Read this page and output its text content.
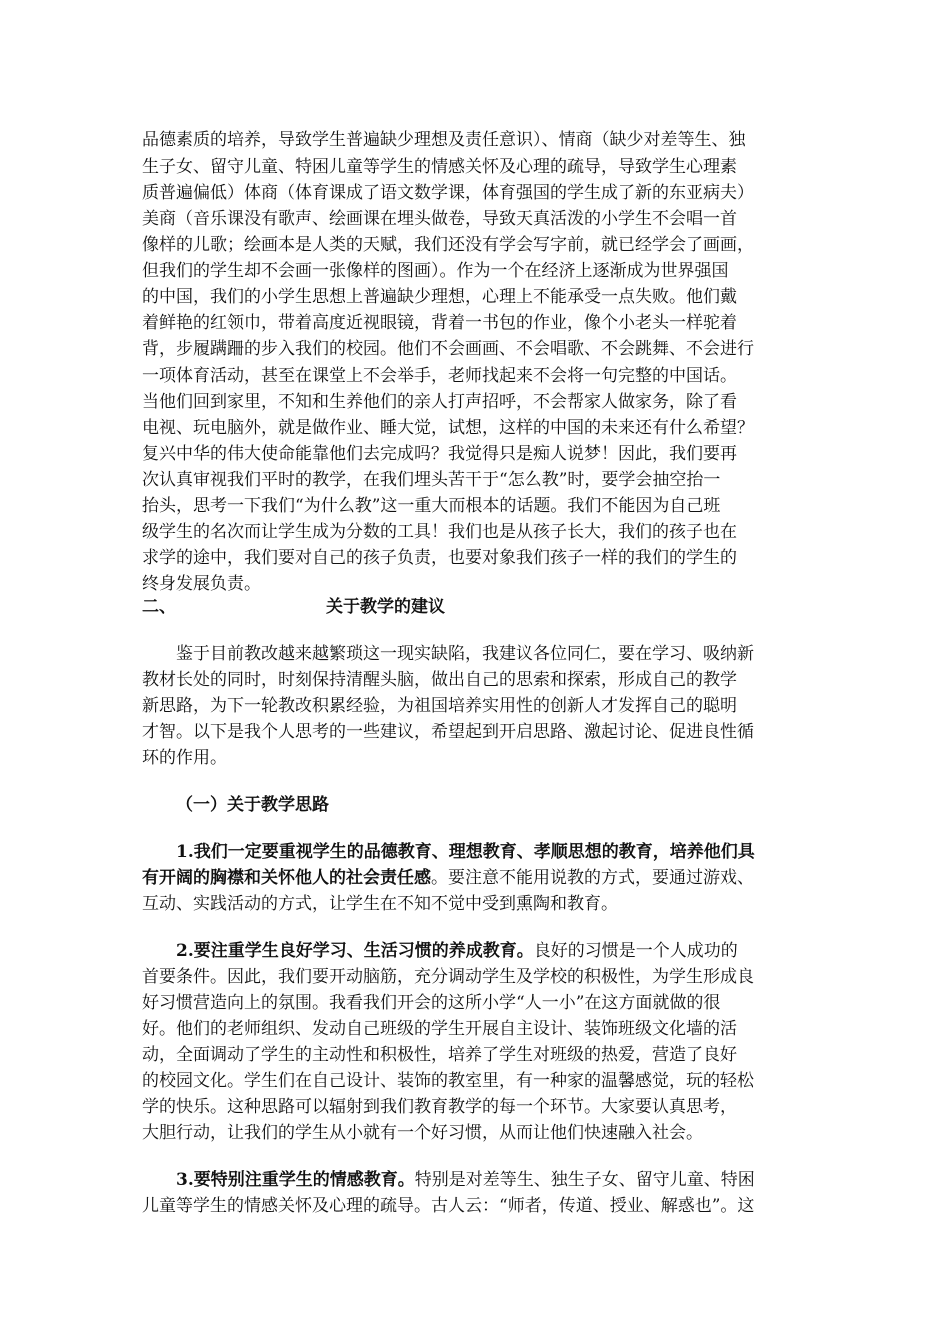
品德素质的培养，导致学生普遍缺少理想及责任意识）、情商（缺少对差等生、独
生子女、留守儿童、特困儿童等学生的情感关怀及心理的疏导，导致学生心理素
质普遍偏低）体商（体育课成了语文数学课，体育强国的学生成了新的东亚病夫）
美商（音乐课没有歌声、绘画课在埋头做卷，导致天真活泼的小学生不会唱一首
像样的儿歌；绘画本是人类的天赋，我们还没有学会写字前，就已经学会了画画，
但我们的学生却不会画一张像样的图画）。作为一个在经济上逐渐成为世界强国
的中国，我们的小学生思想上普遍缺少理想，心理上不能承受一点失败。他们戴
着鲜艳的红领巾，带着高度近视眼镜，背着一书包的作业，像个小老头一样驼着
背，步履蹒跚的步入我们的校园。他们不会画画、不会唱歌、不会跳舞、不会进行
一项体育活动，甚至在课堂上不会举手，老师找起来不会将一句完整的中国话。
当他们回到家里，不知和生养他们的亲人打声招呼，不会帮家人做家务，除了看
电视、玩电脑外，就是做作业、睡大觉，试想，这样的中国的未来还有什么希望？
复兴中华的伟大使命能靠他们去完成吗？我觉得只是痴人说梦！因此，我们要再
次认真审视我们平时的教学，在我们埋头苦干于“怎么教”时，要学会抽空抬一
抬头，思考一下我们“为什么教”这一重大而根本的话题。我们不能因为自己班
级学生的名次而让学生成为分数的工具！我们也是从孩子长大，我们的孩子也在
求学的途中，我们要对自己的孩子负责，也要对象我们孩子一样的我们的学生的
终身发展负责。
二、	关于教学的建议
鉴于目前教改越来越繁琐这一现实缺陷，我建议各位同仁，要在学习、吸纳新
教材长处的同时，时刻保持清醒头脑，做出自己的思索和探索，形成自己的教学
新思路，为下一轮教改积累经验，为祖国培养实用性的创新人才发挥自己的聪明
才智。以下是我个人思考的一些建议，希望起到开启思路、激起讨论、促进良性循
环的作用。
（一）关于教学思路
1.我们一定要重视学生的品德教育、理想教育、孝顺思想的教育，培养他们具
有开阔的胸襟和关怀他人的社会责任感。要注意不能用说教的方式，要通过游戏、
互动、实践活动的方式，让学生在不知不觉中受到熏陶和教育。
2.要注重学生良好学习、生活习惯的养成教育。良好的习惯是一个人成功的
首要条件。因此，我们要开动脑筋，充分调动学生及学校的积极性，为学生形成良
好习惯营造向上的氛围。我看我们开会的这所小学“人一小”在这方面就做的很
好。他们的老师组织、发动自己班级的学生开展自主设计、装饰班级文化墙的活
动，全面调动了学生的主动性和积极性，培养了学生对班级的热爱，营造了良好
的校园文化。学生们在自己设计、装饰的教室里，有一种家的温馨感觉，玩的轻松
学的快乐。这种思路可以辐射到我们教育教学的每一个环节。大家要认真思考，
大胆行动，让我们的学生从小就有一个好习惯，从而让他们快速融入社会。
3.要特别注重学生的情感教育。特别是对差等生、独生子女、留守儿童、特困
儿童等学生的情感关怀及心理的疏导。古人云：“师者，传道、授业、解惑也”。这
